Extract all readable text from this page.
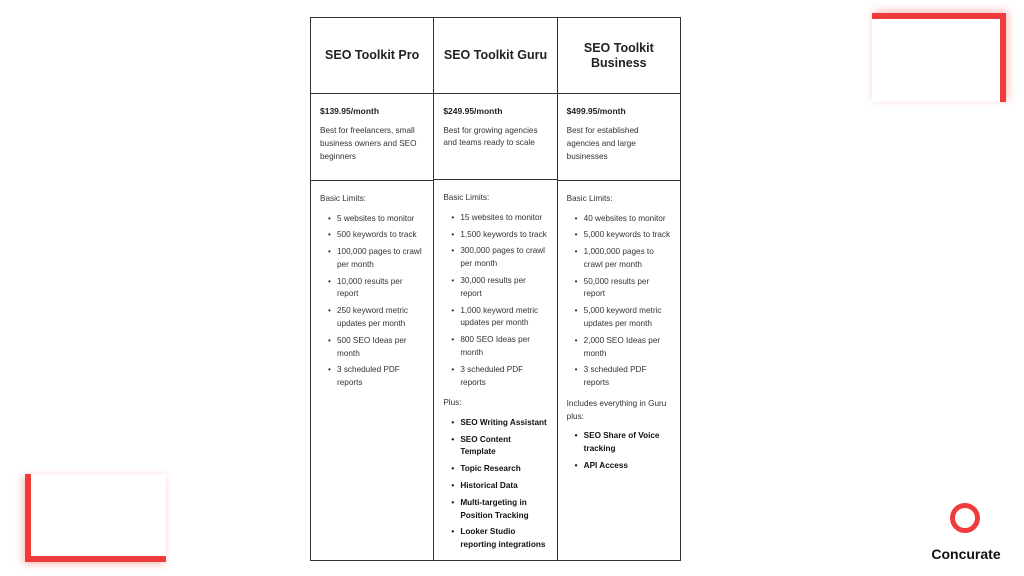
SEO Toolkit Pro
$139.95/month
Best for freelancers, small business owners and SEO beginners
Basic Limits:
• 5 websites to monitor
• 500 keywords to track
• 100,000 pages to crawl per month
• 10,000 results per report
• 250 keyword metric updates per month
• 500 SEO Ideas per month
• 3 scheduled PDF reports
SEO Toolkit Guru
$249.95/month
Best for growing agencies and teams ready to scale
Basic Limits:
• 15 websites to monitor
• 1,500 keywords to track
• 300,000 pages to crawl per month
• 30,000 results per report
• 1,000 keyword metric updates per month
• 800 SEO Ideas per month
• 3 scheduled PDF reports
Plus:
• SEO Writing Assistant
• SEO Content Template
• Topic Research
• Historical Data
• Multi-targeting in Position Tracking
• Looker Studio reporting integrations
SEO Toolkit Business
$499.95/month
Best for established agencies and large businesses
Basic Limits:
• 40 websites to monitor
• 5,000 keywords to track
• 1,000,000 pages to crawl per month
• 50,000 results per report
• 5,000 keyword metric updates per month
• 2,000 SEO Ideas per month
• 3 scheduled PDF reports
Includes everything in Guru plus:
• SEO Share of Voice tracking
• API Access
Concurate
